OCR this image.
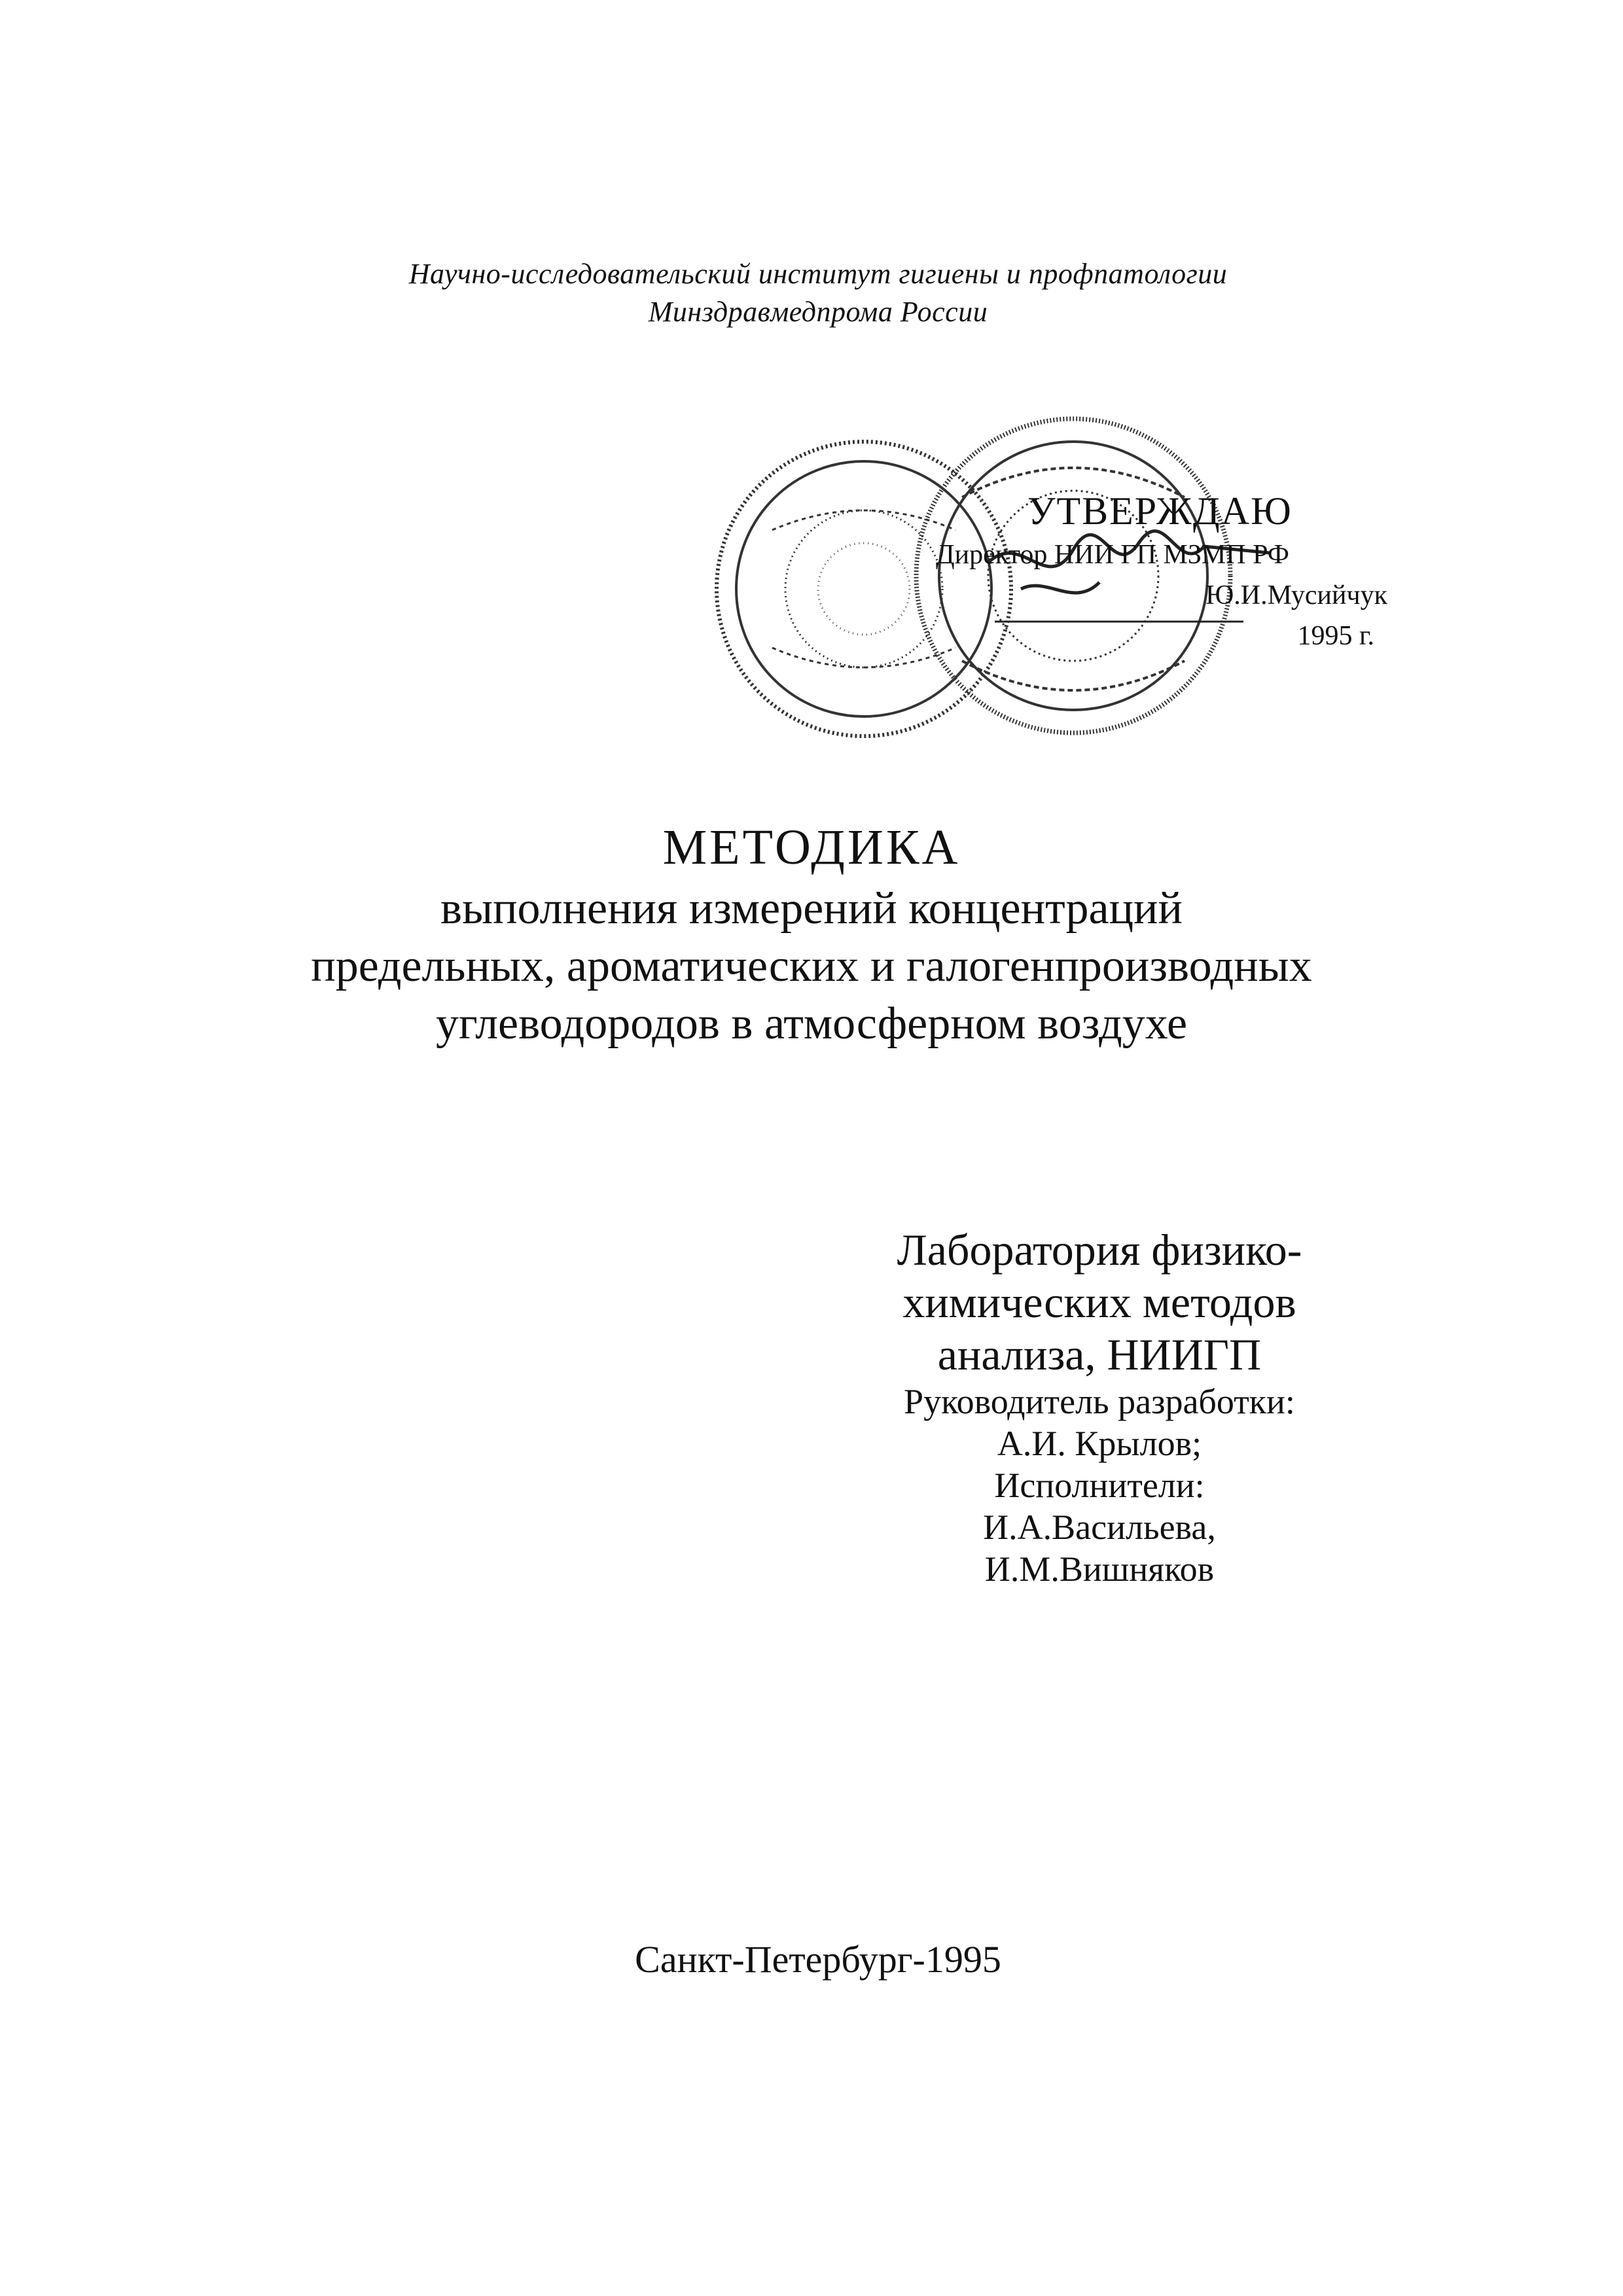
Научно-исследовательский институт гигиены и профпатологии
Минздравмедпрома России
УТВЕРЖДАЮ
Директор НИИ ГП МЗМП РФ
Ю.И.Мусийчук
1995 г.
МЕТОДИКА
выполнения измерений концентраций
предельных, ароматических и галогенпроизводных
углеводородов в атмосферном воздухе
Лаборатория физико-
химических методов
анализа, НИИГП
Руководитель разработки:
А.И. Крылов;
Исполнители:
И.А.Васильева,
И.М.Вишняков
Санкт-Петербург-1995
